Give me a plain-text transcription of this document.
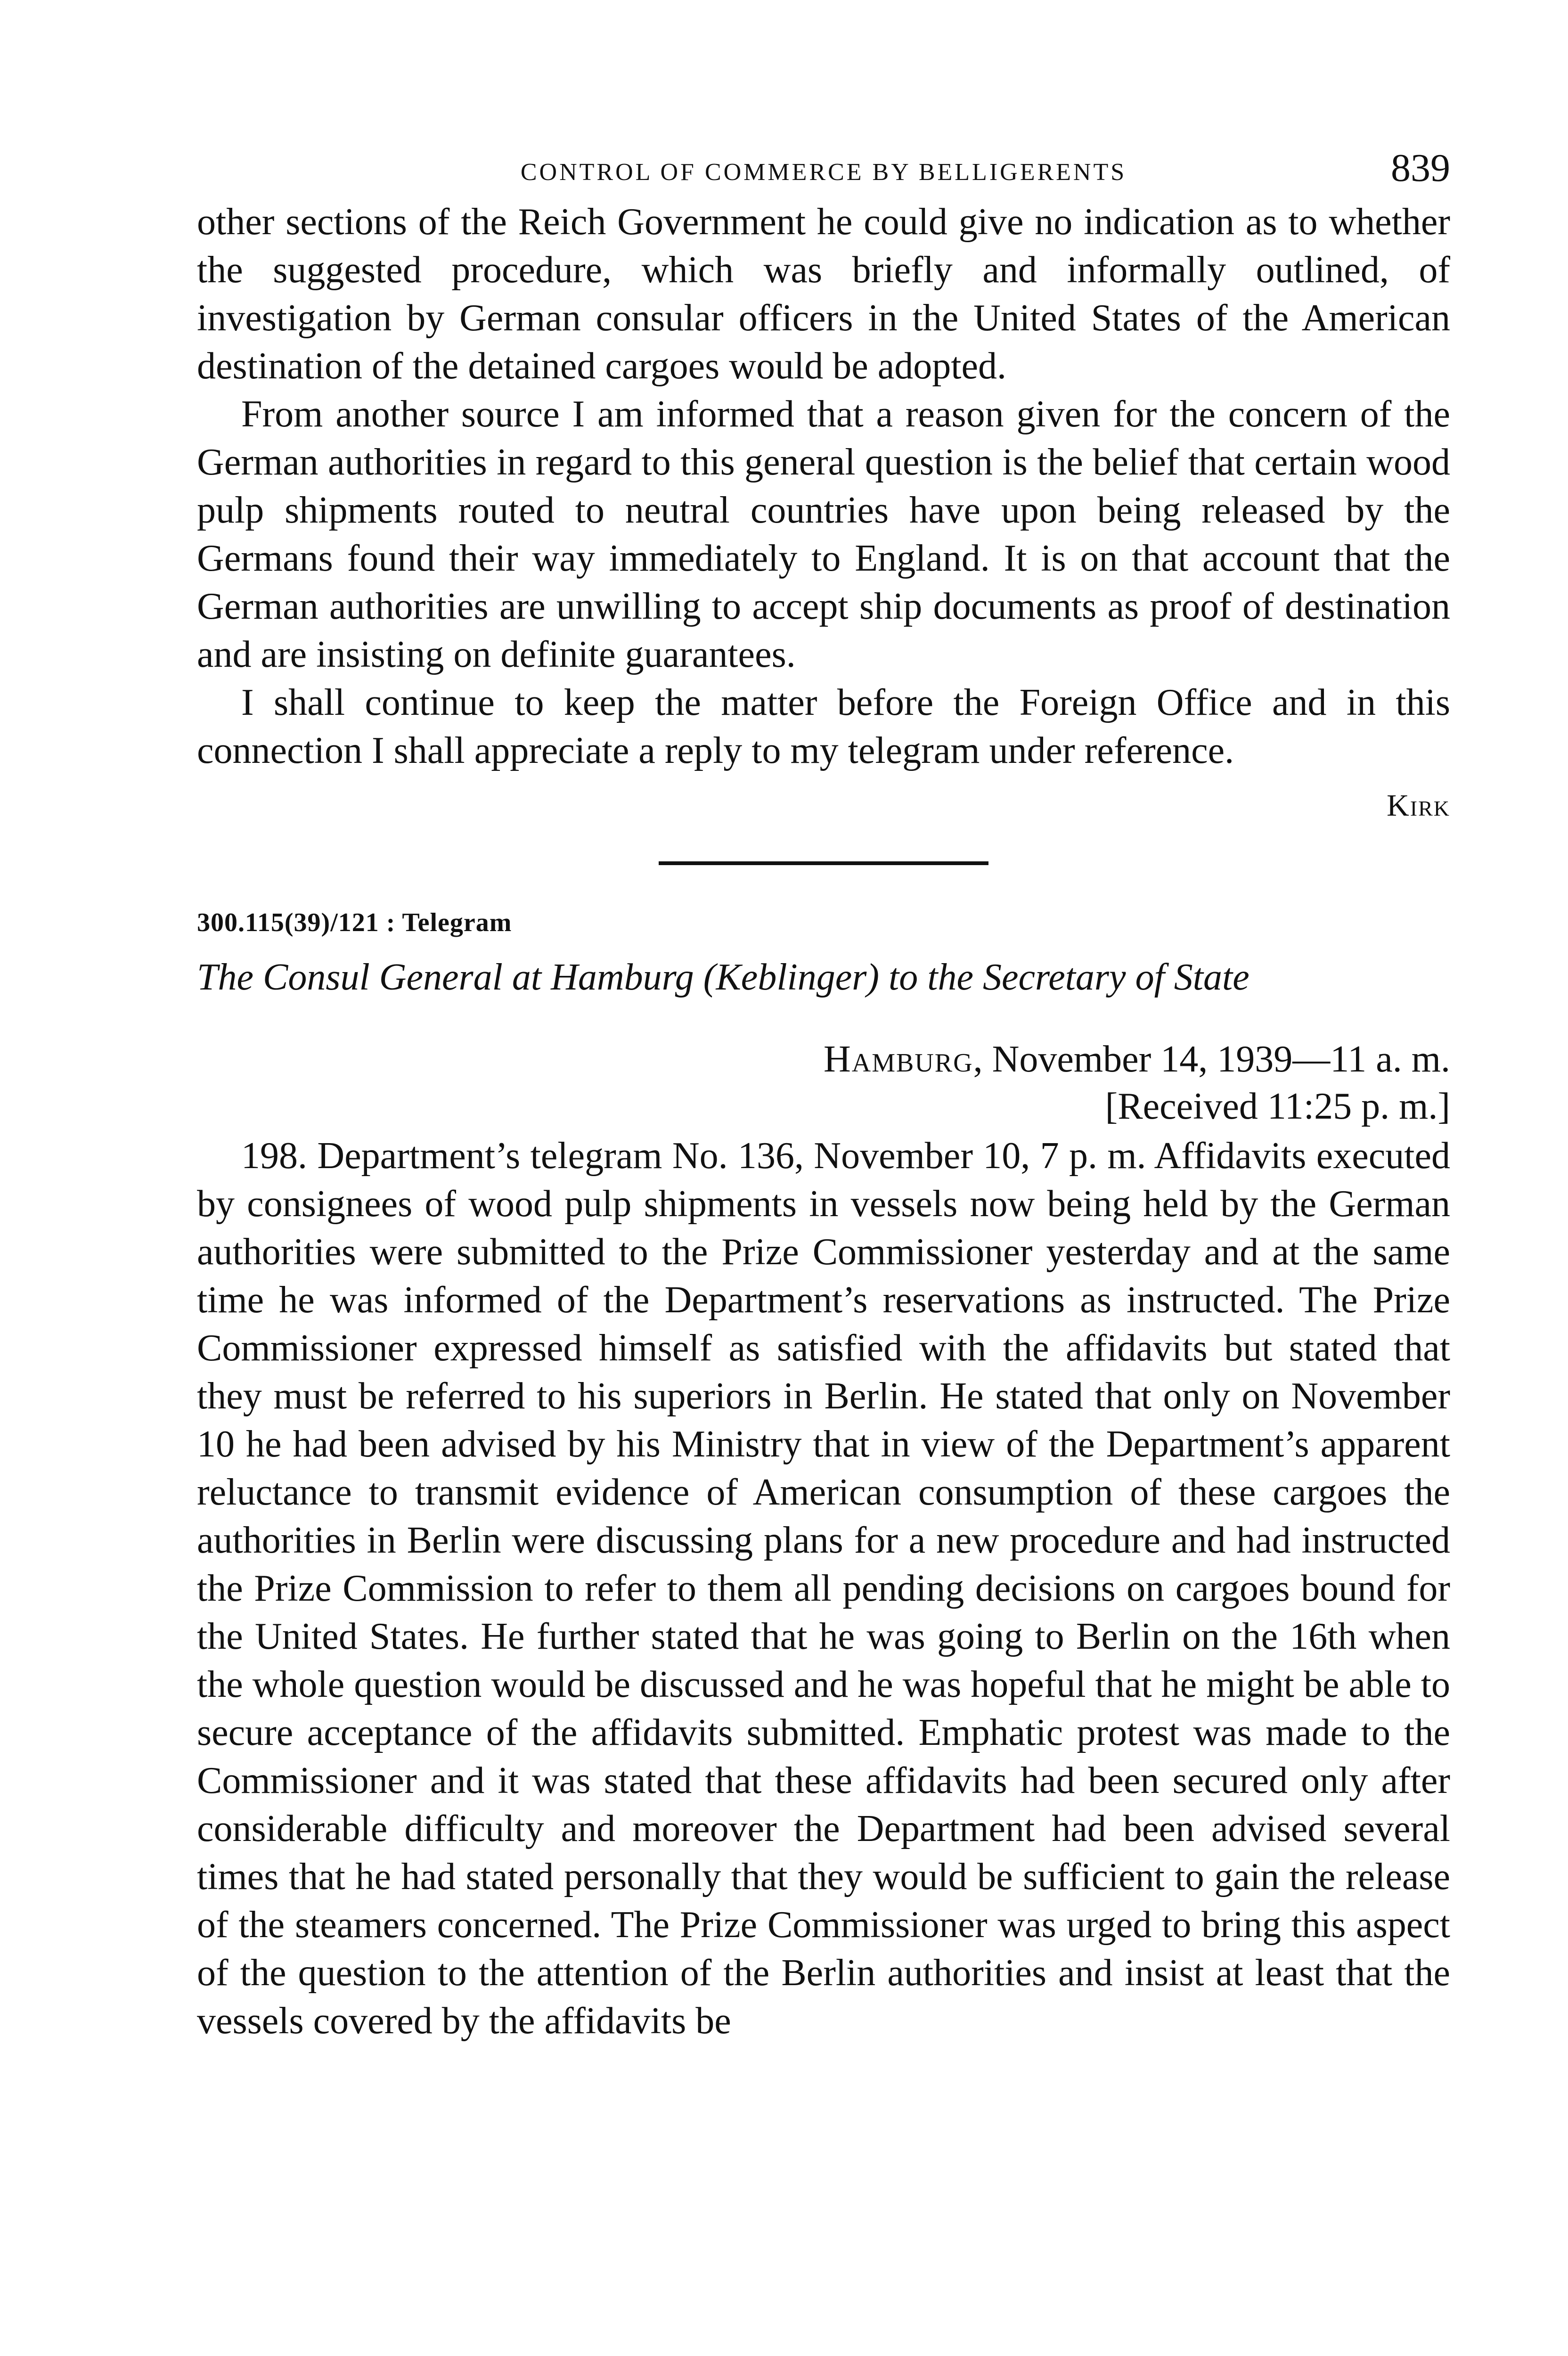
CONTROL OF COMMERCE BY BELLIGERENTS	839

other sections of the Reich Government he could give no indication as to whether the suggested procedure, which was briefly and informally outlined, of investigation by German consular officers in the United States of the American destination of the detained cargoes would be adopted.

From another source I am informed that a reason given for the concern of the German authorities in regard to this general question is the belief that certain wood pulp shipments routed to neutral countries have upon being released by the Germans found their way immediately to England. It is on that account that the German authorities are unwilling to accept ship documents as proof of destination and are insisting on definite guarantees.

I shall continue to keep the matter before the Foreign Office and in this connection I shall appreciate a reply to my telegram under reference.

Kirk
300.115(39)/121 : Telegram
The Consul General at Hamburg (Keblinger) to the Secretary of State
Hamburg, November 14, 1939—11 a. m.
[Received 11:25 p. m.]

198. Department’s telegram No. 136, November 10, 7 p. m. Affidavits executed by consignees of wood pulp shipments in vessels now being held by the German authorities were submitted to the Prize Commissioner yesterday and at the same time he was informed of the Department’s reservations as instructed. The Prize Commissioner expressed himself as satisfied with the affidavits but stated that they must be referred to his superiors in Berlin. He stated that only on November 10 he had been advised by his Ministry that in view of the Department’s apparent reluctance to transmit evidence of American consumption of these cargoes the authorities in Berlin were discussing plans for a new procedure and had instructed the Prize Commission to refer to them all pending decisions on cargoes bound for the United States. He further stated that he was going to Berlin on the 16th when the whole question would be discussed and he was hopeful that he might be able to secure acceptance of the affidavits submitted. Emphatic protest was made to the Commissioner and it was stated that these affidavits had been secured only after considerable difficulty and moreover the Department had been advised several times that he had stated personally that they would be sufficient to gain the release of the steamers concerned. The Prize Commissioner was urged to bring this aspect of the question to the attention of the Berlin authorities and insist at least that the vessels covered by the affidavits be
